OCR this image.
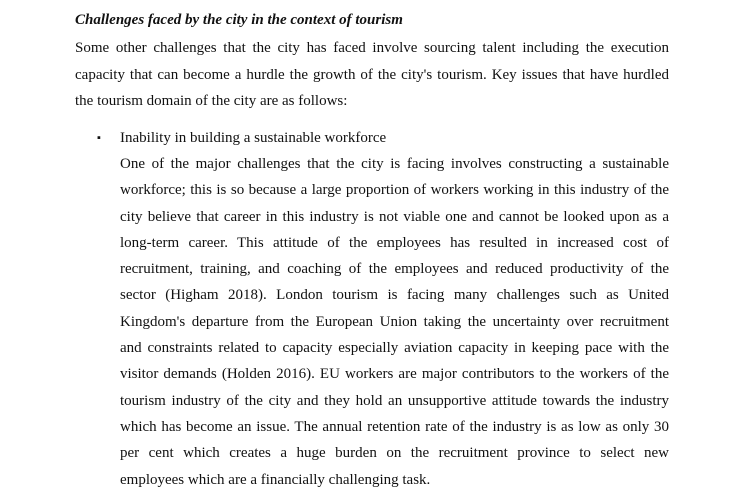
Challenges faced by the city in the context of tourism
Some other challenges that the city has faced involve sourcing talent including the execution
capacity that can become a hurdle the growth of the city's tourism. Key issues that have hurdled
the tourism domain of the city are as follows:
▪ Inability in building a sustainable workforce
One of the major challenges that the city is facing involves constructing a sustainable
workforce; this is so because a large proportion of workers working in this industry of the
city believe that career in this industry is not viable one and cannot be looked upon as a
long-term career. This attitude of the employees has resulted in increased cost of
recruitment, training, and coaching of the employees and reduced productivity of the
sector (Higham 2018). London tourism is facing many challenges such as United
Kingdom's departure from the European Union taking the uncertainty over recruitment
and constraints related to capacity especially aviation capacity in keeping pace with the
visitor demands (Holden 2016). EU workers are major contributors to the workers of the
tourism industry of the city and they hold an unsupportive attitude towards the industry
which has become an issue. The annual retention rate of the industry is as low as only 30
per cent which creates a huge burden on the recruitment province to select new
employees which are a financially challenging task.
